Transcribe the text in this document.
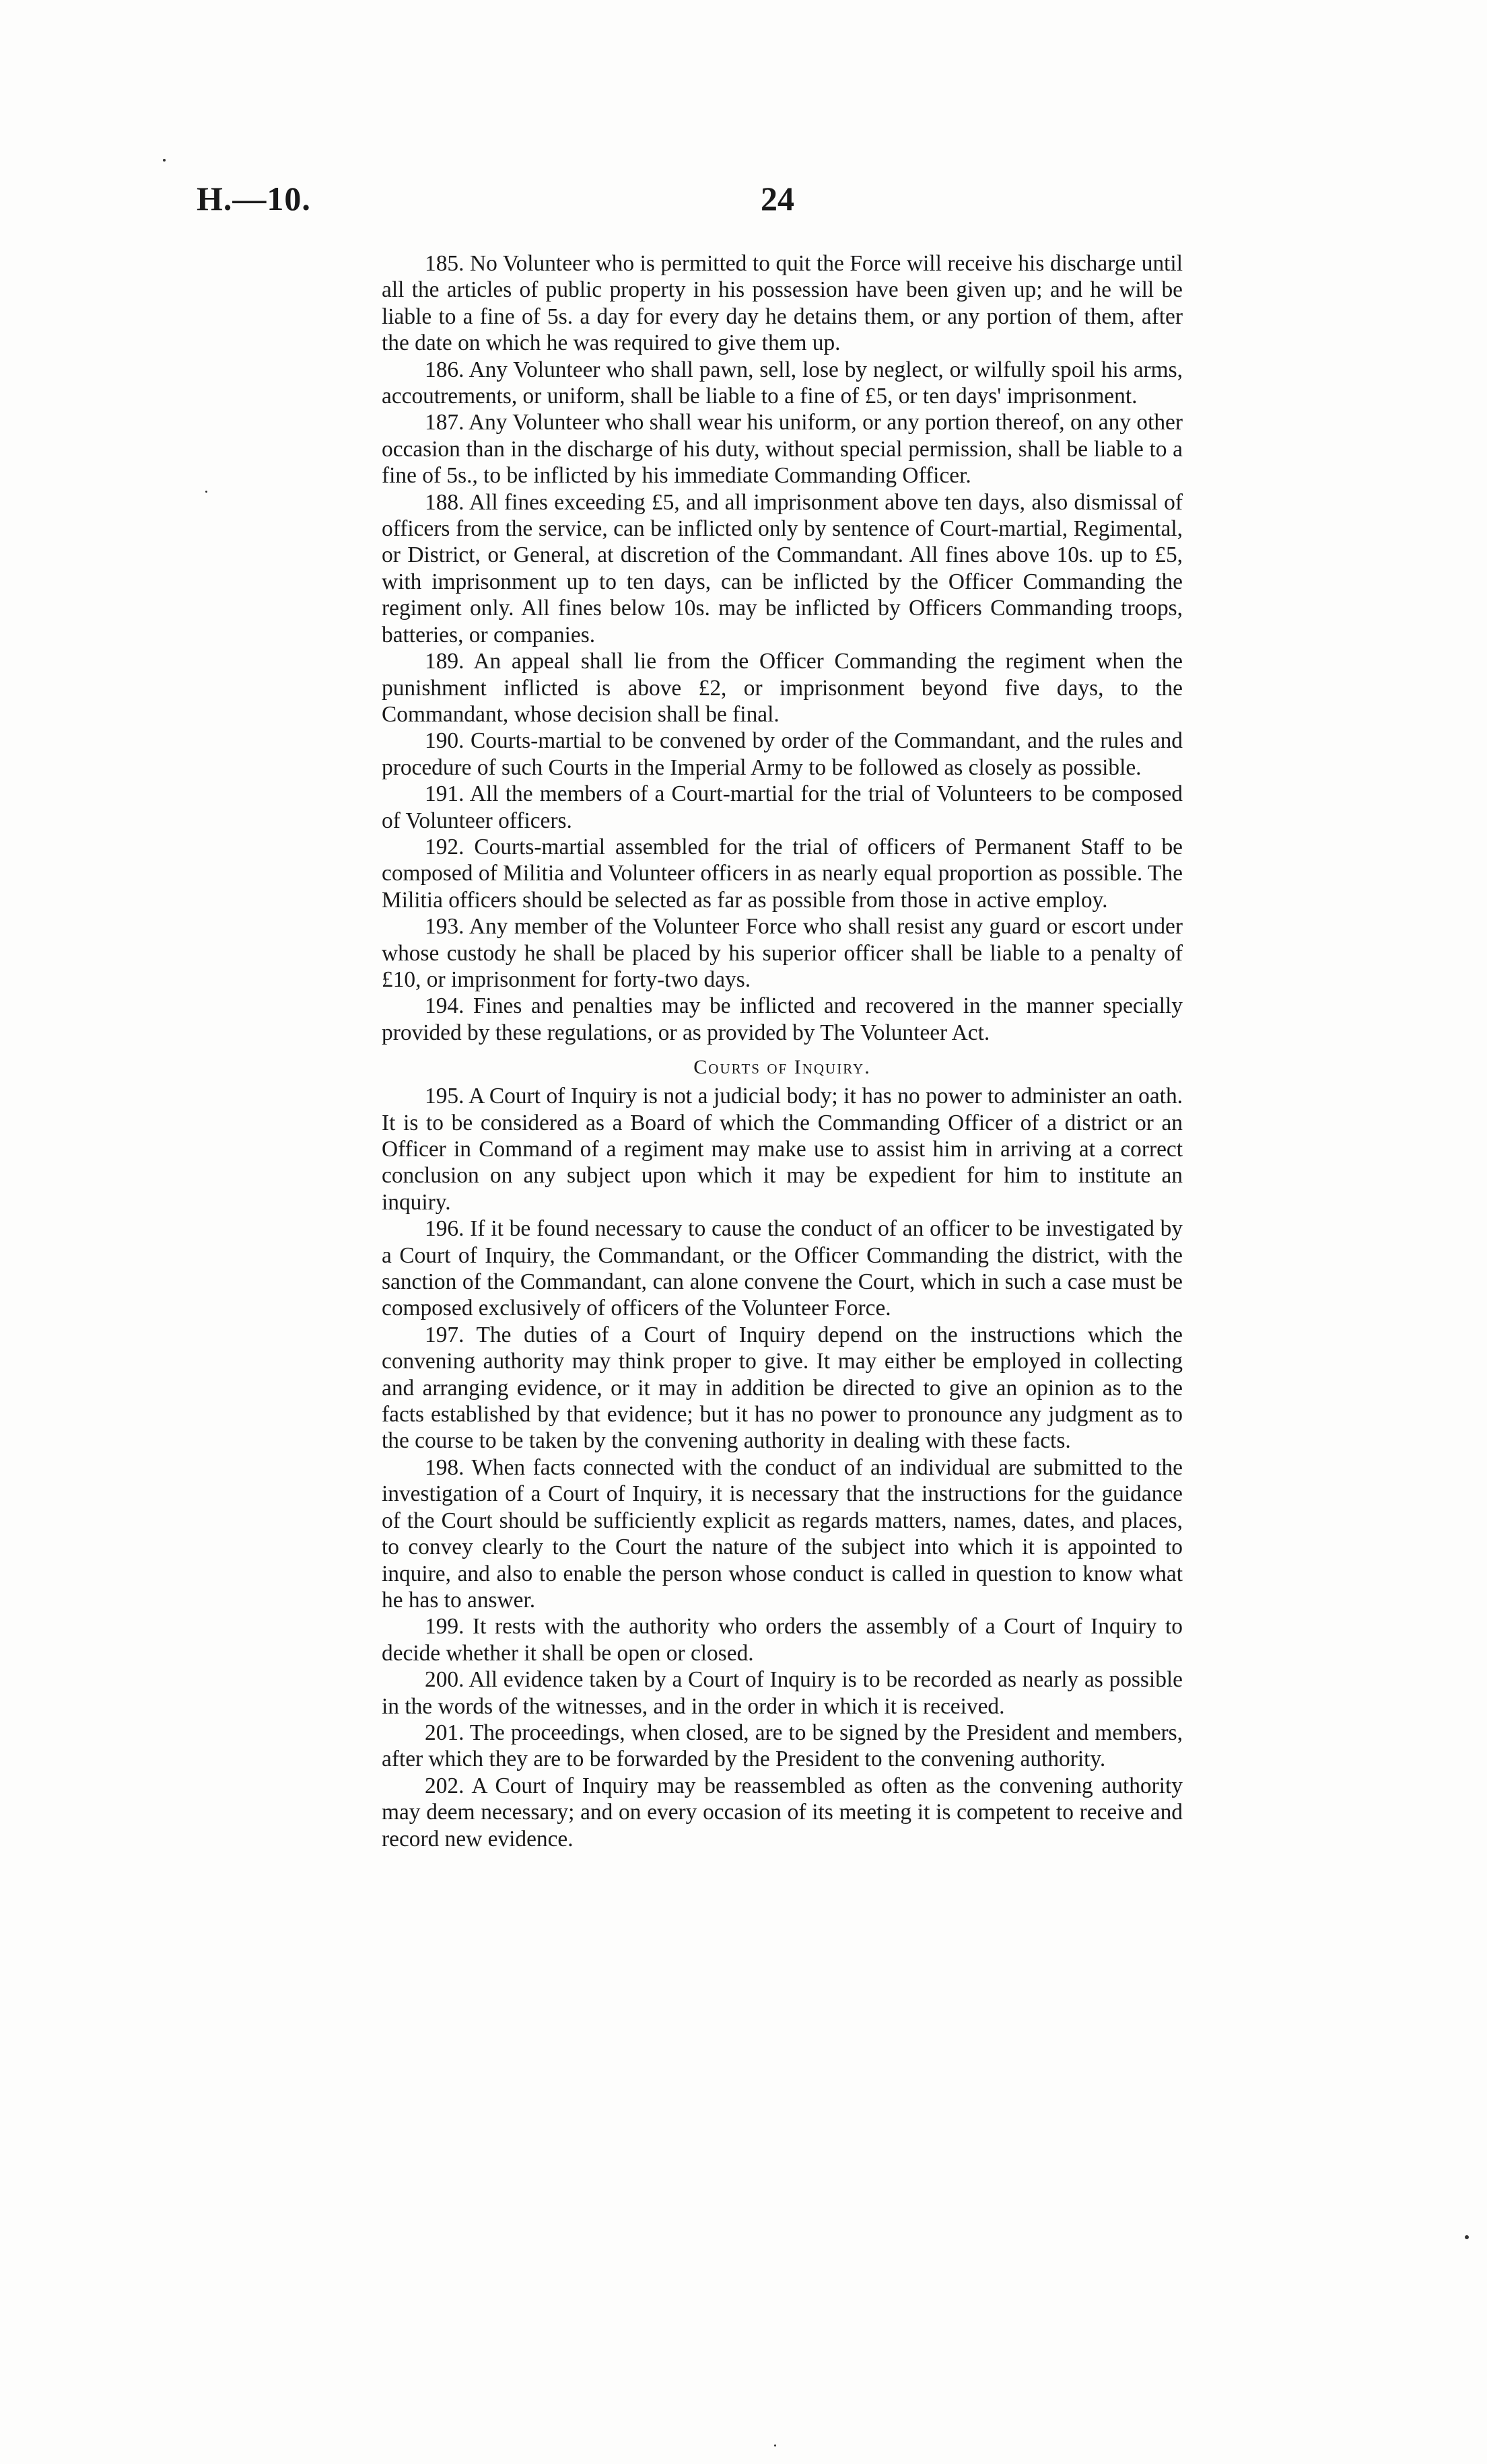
H.—10.	24

185. No Volunteer who is permitted to quit the Force will receive his discharge until all the articles of public property in his possession have been given up; and he will be liable to a fine of 5s. a day for every day he detains them, or any portion of them, after the date on which he was required to give them up.

186. Any Volunteer who shall pawn, sell, lose by neglect, or wilfully spoil his arms, accoutrements, or uniform, shall be liable to a fine of £5, or ten days' imprisonment.

187. Any Volunteer who shall wear his uniform, or any portion thereof, on any other occasion than in the discharge of his duty, without special permission, shall be liable to a fine of 5s., to be inflicted by his immediate Commanding Officer.

188. All fines exceeding £5, and all imprisonment above ten days, also dismissal of officers from the service, can be inflicted only by sentence of Court-martial, Regimental, or District, or General, at discretion of the Commandant. All fines above 10s. up to £5, with imprisonment up to ten days, can be inflicted by the Officer Commanding the regiment only. All fines below 10s. may be inflicted by Officers Commanding troops, batteries, or companies.

189. An appeal shall lie from the Officer Commanding the regiment when the punishment inflicted is above £2, or imprisonment beyond five days, to the Commandant, whose decision shall be final.

190. Courts-martial to be convened by order of the Commandant, and the rules and procedure of such Courts in the Imperial Army to be followed as closely as possible.

191. All the members of a Court-martial for the trial of Volunteers to be composed of Volunteer officers.

192. Courts-martial assembled for the trial of officers of Permanent Staff to be composed of Militia and Volunteer officers in as nearly equal proportion as possible. The Militia officers should be selected as far as possible from those in active employ.

193. Any member of the Volunteer Force who shall resist any guard or escort under whose custody he shall be placed by his superior officer shall be liable to a penalty of £10, or imprisonment for forty-two days.

194. Fines and penalties may be inflicted and recovered in the manner specially provided by these regulations, or as provided by The Volunteer Act.

Courts of Inquiry.

195. A Court of Inquiry is not a judicial body; it has no power to administer an oath. It is to be considered as a Board of which the Commanding Officer of a district or an Officer in Command of a regiment may make use to assist him in arriving at a correct conclusion on any subject upon which it may be expedient for him to institute an inquiry.

196. If it be found necessary to cause the conduct of an officer to be investigated by a Court of Inquiry, the Commandant, or the Officer Commanding the district, with the sanction of the Commandant, can alone convene the Court, which in such a case must be composed exclusively of officers of the Volunteer Force.

197. The duties of a Court of Inquiry depend on the instructions which the convening authority may think proper to give. It may either be employed in collecting and arranging evidence, or it may in addition be directed to give an opinion as to the facts established by that evidence; but it has no power to pronounce any judgment as to the course to be taken by the convening authority in dealing with these facts.

198. When facts connected with the conduct of an individual are submitted to the investigation of a Court of Inquiry, it is necessary that the instructions for the guidance of the Court should be sufficiently explicit as regards matters, names, dates, and places, to convey clearly to the Court the nature of the subject into which it is appointed to inquire, and also to enable the person whose conduct is called in question to know what he has to answer.

199. It rests with the authority who orders the assembly of a Court of Inquiry to decide whether it shall be open or closed.

200. All evidence taken by a Court of Inquiry is to be recorded as nearly as possible in the words of the witnesses, and in the order in which it is received.

201. The proceedings, when closed, are to be signed by the President and members, after which they are to be forwarded by the President to the convening authority.

202. A Court of Inquiry may be reassembled as often as the convening authority may deem necessary; and on every occasion of its meeting it is competent to receive and record new evidence.
